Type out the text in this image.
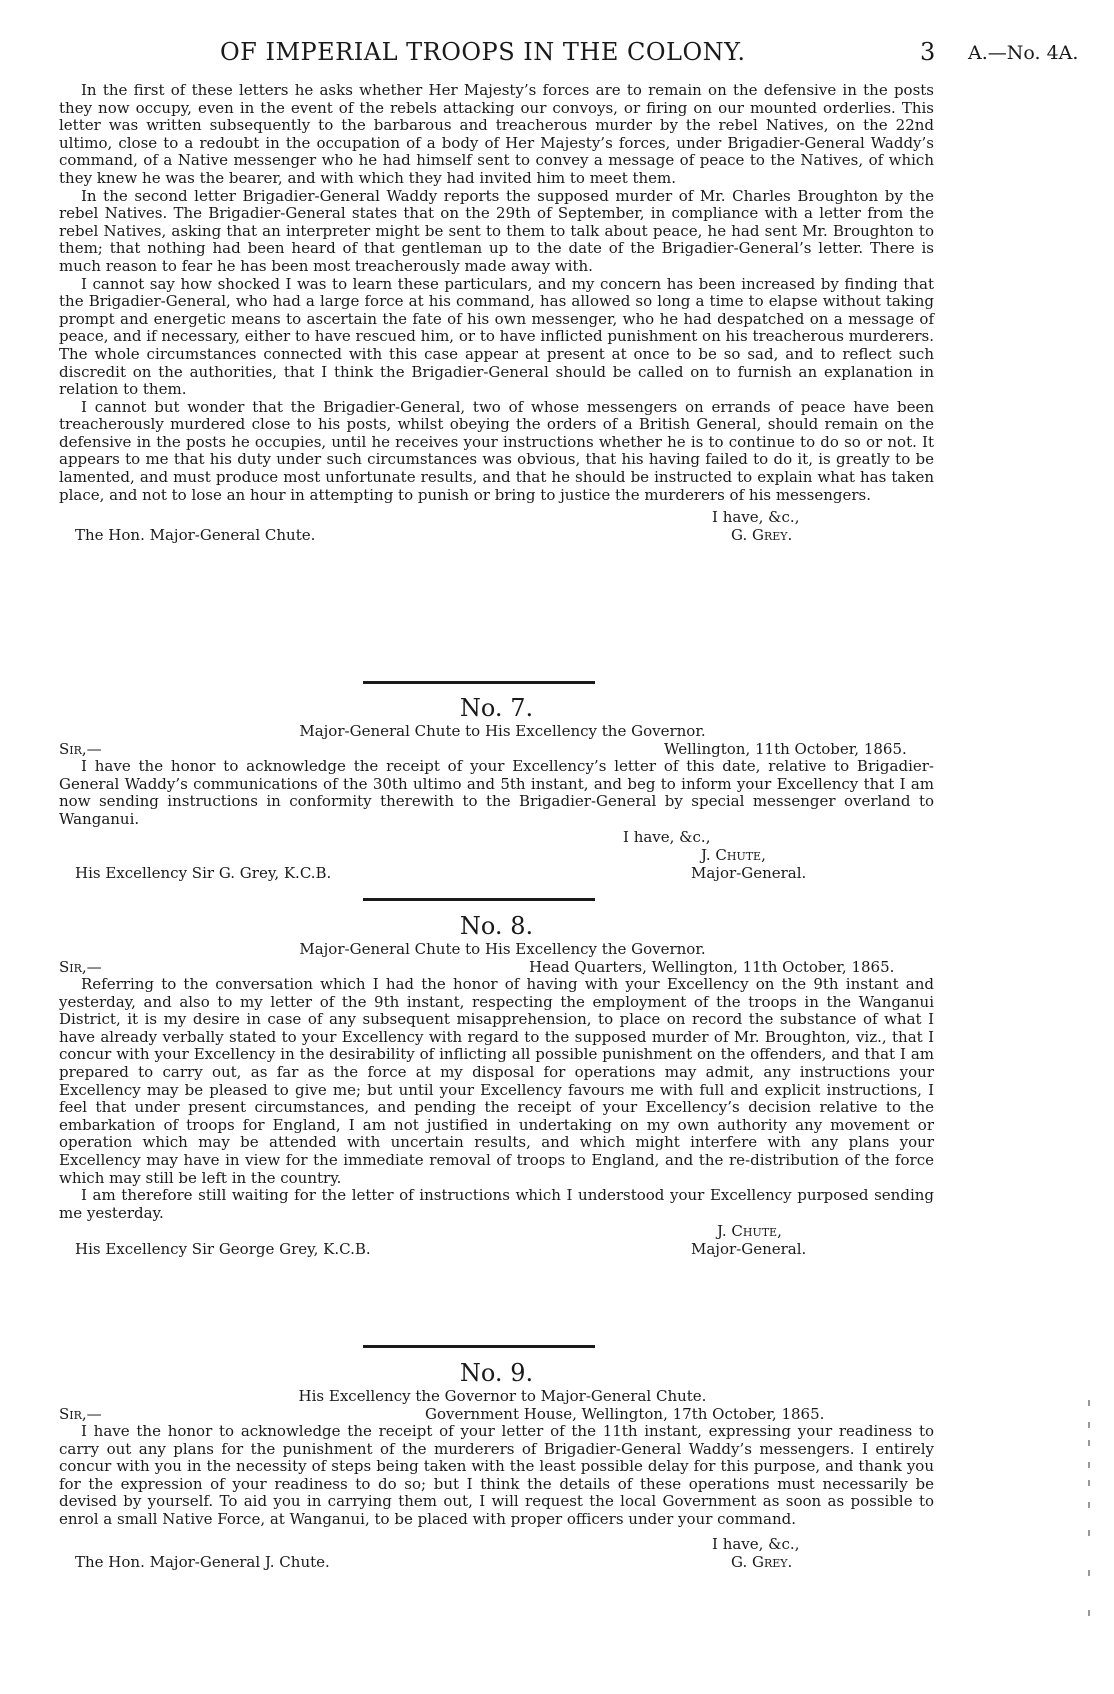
OF IMPERIAL TROOPS IN THE COLONY.	3 A.—No. 4A.

In the first of these letters he asks whether Her Majesty’s forces are to remain on the defensive in the posts they now occupy, even in the event of the rebels attacking our convoys, or firing on our mounted orderlies. This letter was written subsequently to the barbarous and treacherous murder by the rebel Natives, on the 22nd ultimo, close to a redoubt in the occupation of a body of Her Majesty’s forces, under Brigadier-General Waddy’s command, of a Native messenger who he had himself sent to convey a message of peace to the Natives, of which they knew he was the bearer, and with which they had invited him to meet them.

In the second letter Brigadier-General Waddy reports the supposed murder of Mr. Charles Broughton by the rebel Natives. The Brigadier-General states that on the 29th of September, in compliance with a letter from the rebel Natives, asking that an interpreter might be sent to them to talk about peace, he had sent Mr. Broughton to them; that nothing had been heard of that gentleman up to the date of the Brigadier-General’s letter. There is much reason to fear he has been most treacherously made away with.

I cannot say how shocked I was to learn these particulars, and my concern has been increased by finding that the Brigadier-General, who had a large force at his command, has allowed so long a time to elapse without taking prompt and energetic means to ascertain the fate of his own messenger, who he had despatched on a message of peace, and if necessary, either to have rescued him, or to have inflicted punishment on his treacherous murderers. The whole circumstances connected with this case appear at present at once to be so sad, and to reflect such discredit on the authorities, that I think the Brigadier-General should be called on to furnish an explanation in relation to them.

I cannot but wonder that the Brigadier-General, two of whose messengers on errands of peace have been treacherously murdered close to his posts, whilst obeying the orders of a British General, should remain on the defensive in the posts he occupies, until he receives your instructions whether he is to continue to do so or not. It appears to me that his duty under such circumstances was obvious, that his having failed to do it, is greatly to be lamented, and must produce most unfortunate results, and that he should be instructed to explain what has taken place, and not to lose an hour in attempting to punish or bring to justice the murderers of his messengers.

I have, &c.,
The Hon. Major-General Chute.	G. Grey.
No. 7.
Major-General Chute to His Excellency the Governor.
Sir,—	Wellington, 11th October, 1865.

I have the honor to acknowledge the receipt of your Excellency’s letter of this date, relative to Brigadier-General Waddy’s communications of the 30th ultimo and 5th instant, and beg to inform your Excellency that I am now sending instructions in conformity therewith to the Brigadier-General by special messenger overland to Wanganui.

I have, &c.,
J. Chute,
His Excellency Sir G. Grey, K.C.B.	Major-General.
No. 8.
Major-General Chute to His Excellency the Governor.
Sir,—	Head Quarters, Wellington, 11th October, 1865.

Referring to the conversation which I had the honor of having with your Excellency on the 9th instant and yesterday, and also to my letter of the 9th instant, respecting the employment of the troops in the Wanganui District, it is my desire in case of any subsequent misapprehension, to place on record the substance of what I have already verbally stated to your Excellency with regard to the supposed murder of Mr. Broughton, viz., that I concur with your Excellency in the desirability of inflicting all possible punishment on the offenders, and that I am prepared to carry out, as far as the force at my disposal for operations may admit, any instructions your Excellency may be pleased to give me; but until your Excellency favours me with full and explicit instructions, I feel that under present circumstances, and pending the receipt of your Excellency’s decision relative to the embarkation of troops for England, I am not justified in undertaking on my own authority any movement or operation which may be attended with uncertain results, and which might interfere with any plans your Excellency may have in view for the immediate removal of troops to England, and the re-distribution of the force which may still be left in the country.

I am therefore still waiting for the letter of instructions which I understood your Excellency purposed sending me yesterday.

J. Chute,
His Excellency Sir George Grey, K.C.B.	Major-General.
No. 9.
His Excellency the Governor to Major-General Chute.
Sir,—	Government House, Wellington, 17th October, 1865.

I have the honor to acknowledge the receipt of your letter of the 11th instant, expressing your readiness to carry out any plans for the punishment of the murderers of Brigadier-General Waddy’s messengers. I entirely concur with you in the necessity of steps being taken with the least possible delay for this purpose, and thank you for the expression of your readiness to do so; but I think the details of these operations must necessarily be devised by yourself. To aid you in carrying them out, I will request the local Government as soon as possible to enrol a small Native Force, at Wanganui, to be placed with proper officers under your command.

I have, &c.,
The Hon. Major-General J. Chute.	G. Grey.
